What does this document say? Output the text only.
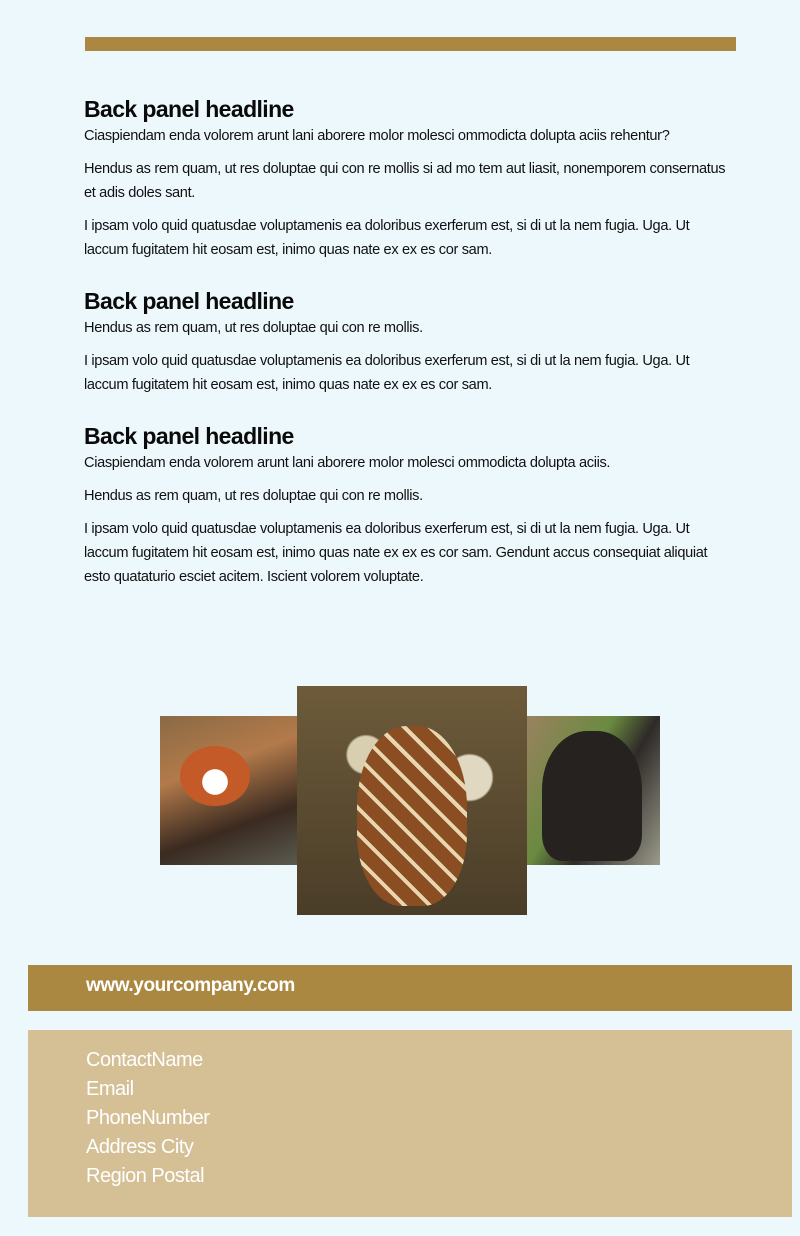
Back panel headline

Ciaspiendam enda volorem arunt lani aborere molor molesci ommodicta dolupta aciis rehentur?

Hendus as rem quam, ut res doluptae qui con re mollis si ad mo tem aut liasit, nonemporem consernatus et adis doles sant.

I ipsam volo quid quatusdae voluptamenis ea doloribus exerferum est, si di ut la nem fugia. Uga. Ut laccum fugitatem hit eosam est, inimo quas nate ex ex es cor sam.

Back panel headline

Hendus as rem quam, ut res doluptae qui con re mollis.

I ipsam volo quid quatusdae voluptamenis ea doloribus exerferum est, si di ut la nem fugia. Uga. Ut laccum fugitatem hit eosam est, inimo quas nate ex ex es cor sam.

Back panel headline

Ciaspiendam enda volorem arunt lani aborere molor molesci ommodicta dolupta aciis.

Hendus as rem quam, ut res doluptae qui con re mollis.

I ipsam volo quid quatusdae voluptamenis ea doloribus exerferum est, si di ut la nem fugia. Uga. Ut laccum fugitatem hit eosam est, inimo quas nate ex ex es cor sam. Gendunt accus consequiat aliquiat esto quataturio esciet acitem. Iscient volorem voluptate.

www.yourcompany.com
ContactName
Email
PhoneNumber
Address City
Region Postal
